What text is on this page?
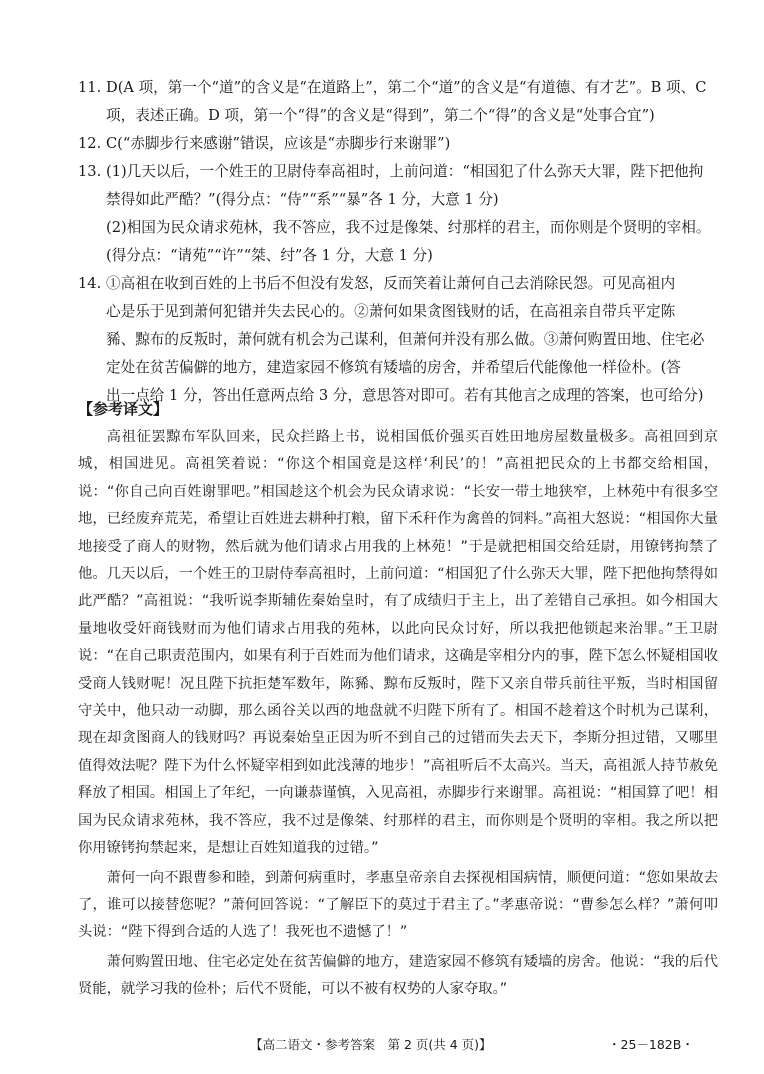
11. D(A 项，第一个“道”的含义是“在道路上”，第二个“道”的含义是“有道德、有才艺”。B 项、C

项，表述正确。D 项，第一个“得”的含义是“得到”，第二个“得”的含义是“处事合宜”)

12. C(“赤脚步行来感谢”错误，应该是“赤脚步行来谢罪”)

13. (1)几天以后，一个姓王的卫尉侍奉高祖时，上前问道：“相国犯了什么弥天大罪，陛下把他拘

禁得如此严酷？”(得分点：“侍”“系”“暴”各 1 分，大意 1 分)

(2)相国为民众请求苑林，我不答应，我不过是像桀、纣那样的君主，而你则是个贤明的宰相。

(得分点：“请苑”“许”“桀、纣”各 1 分，大意 1 分)

14. ①高祖在收到百姓的上书后不但没有发怒，反而笑着让萧何自己去消除民怨。可见高祖内

心是乐于见到萧何犯错并失去民心的。②萧何如果贪图钱财的话，在高祖亲自带兵平定陈

豨、黥布的反叛时，萧何就有机会为己谋利，但萧何并没有那么做。③萧何购置田地、住宅必

定处在贫苦偏僻的地方，建造家园不修筑有矮墙的房舍，并希望后代能像他一样俭朴。(答

出一点给 1 分，答出任意两点给 3 分，意思答对即可。若有其他言之成理的答案，也可给分)

【参考译文】

高祖征罢黥布军队回来，民众拦路上书，说相国低价强买百姓田地房屋数量极多。高祖回到京城，相国进见。高祖笑着说：“你这个相国竟是这样‘利民’的！”高祖把民众的上书都交给相国，说：“你自己向百姓谢罪吧。”相国趁这个机会为民众请求说：“长安一带土地狭窄，上林苑中有很多空地，已经废弃荒芜，希望让百姓进去耕种打粮，留下禾秆作为禽兽的饲料。”高祖大怒说：“相国你大量地接受了商人的财物，然后就为他们请求占用我的上林苑！”于是就把相国交给廷尉，用镣铐拘禁了他。几天以后，一个姓王的卫尉侍奉高祖时，上前问道：“相国犯了什么弥天大罪，陛下把他拘禁得如此严酷？”高祖说：“我听说李斯辅佐秦始皇时，有了成绩归于主上，出了差错自己承担。如今相国大量地收受奸商钱财而为他们请求占用我的苑林，以此向民众讨好，所以我把他锁起来治罪。”王卫尉说：“在自己职责范围内，如果有利于百姓而为他们请求，这确是宰相分内的事，陛下怎么怀疑相国收受商人钱财呢！况且陛下抗拒楚军数年，陈豨、黥布反叛时，陛下又亲自带兵前往平叛，当时相国留守关中，他只动一动脚，那么函谷关以西的地盘就不归陛下所有了。相国不趁着这个时机为己谋利，现在却贪图商人的钱财吗？再说秦始皇正因为听不到自己的过错而失去天下，李斯分担过错，又哪里值得效法呢？陛下为什么怀疑宰相到如此浅薄的地步！”高祖听后不太高兴。当天，高祖派人持节赦免释放了相国。相国上了年纪，一向谦恭谨慎，入见高祖，赤脚步行来谢罪。高祖说：“相国算了吧！相国为民众请求苑林，我不答应，我不过是像桀、纣那样的君主，而你则是个贤明的宰相。我之所以把你用镣铐拘禁起来，是想让百姓知道我的过错。”

萧何一向不跟曹参和睦，到萧何病重时，孝惠皇帝亲自去探视相国病情，顺便问道：“您如果故去了，谁可以接替您呢？”萧何回答说：“了解臣下的莫过于君主了。”孝惠帝说：“曹参怎么样？”萧何叩头说：“陛下得到合适的人选了！我死也不遗憾了！”

萧何购置田地、住宅必定处在贫苦偏僻的地方，建造家园不修筑有矮墙的房舍。他说：“我的后代贤能，就学习我的俭朴；后代不贤能，可以不被有权势的人家夺取。”

【高二语文・参考答案　第 2 页(共 4 页)】	・25－182B・
